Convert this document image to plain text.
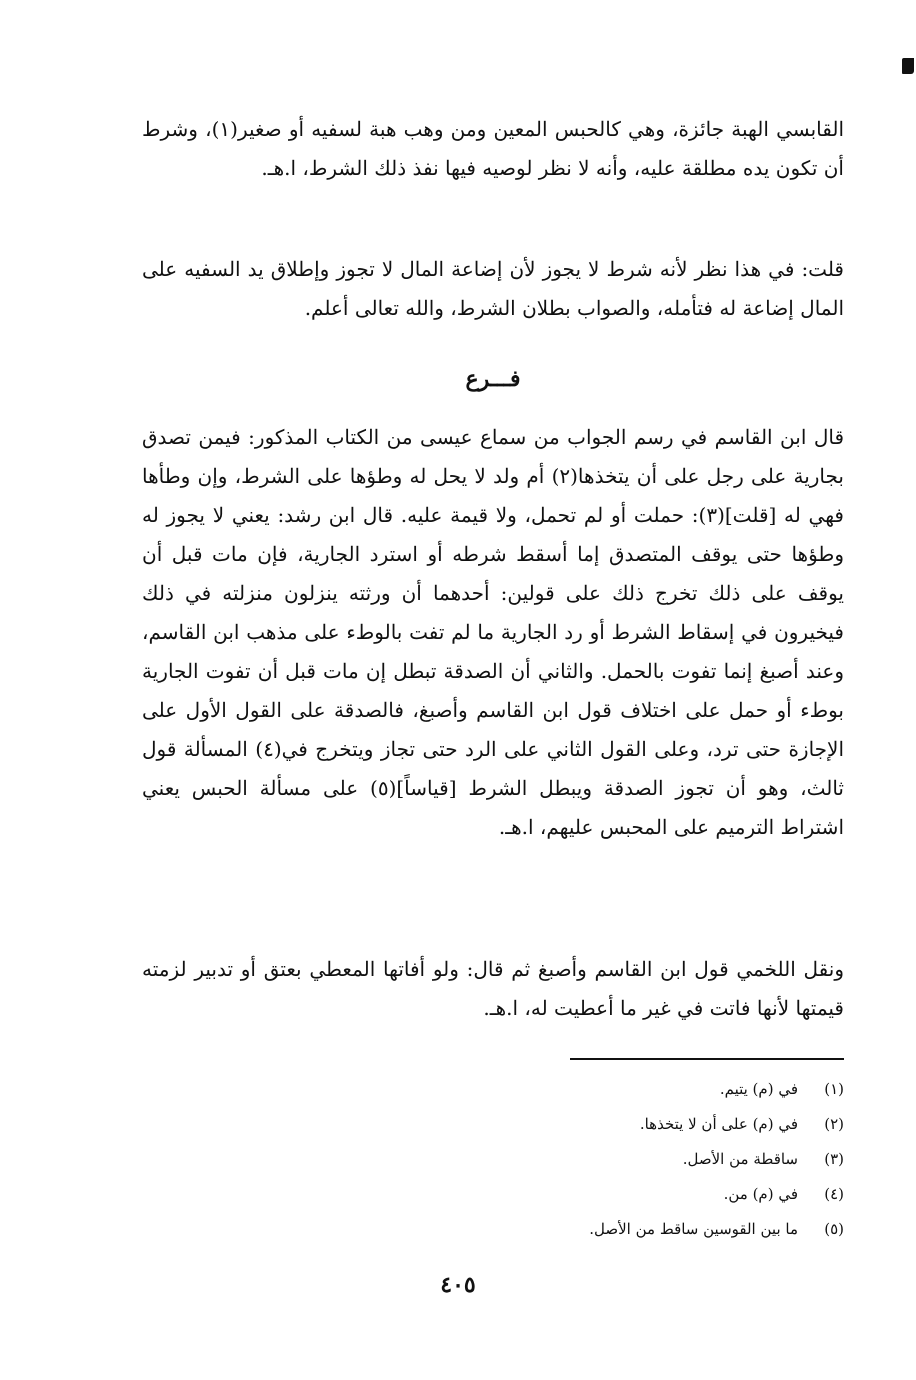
القابسي الهبة جائزة، وهي كالحبس المعين ومن وهب هبة لسفيه أو صغير(١)، وشرط أن تكون يده مطلقة عليه، وأنه لا نظر لوصيه فيها نفذ ذلك الشرط، ا.هـ.

قلت: في هذا نظر لأنه شرط لا يجوز لأن إضاعة المال لا تجوز وإطلاق يد السفيه على المال إضاعة له فتأمله، والصواب بطلان الشرط، والله تعالى أعلم.

فـــرع

قال ابن القاسم في رسم الجواب من سماع عيسى من الكتاب المذكور: فيمن تصدق بجارية على رجل على أن يتخذها(٢) أم ولد لا يحل له وطؤها على الشرط، وإن وطأها فهي له [قلت](٣): حملت أو لم تحمل، ولا قيمة عليه. قال ابن رشد: يعني لا يجوز له وطؤها حتى يوقف المتصدق إما أسقط شرطه أو استرد الجارية، فإن مات قبل أن يوقف على ذلك تخرج ذلك على قولين: أحدهما أن ورثته ينزلون منزلته في ذلك فيخيرون في إسقاط الشرط أو رد الجارية ما لم تفت بالوطء على مذهب ابن القاسم، وعند أصبغ إنما تفوت بالحمل. والثاني أن الصدقة تبطل إن مات قبل أن تفوت الجارية بوطء أو حمل على اختلاف قول ابن القاسم وأصبغ، فالصدقة على القول الأول على الإجازة حتى ترد، وعلى القول الثاني على الرد حتى تجاز ويتخرج في(٤) المسألة قول ثالث، وهو أن تجوز الصدقة ويبطل الشرط [قياساً](٥) على مسألة الحبس يعني اشتراط الترميم على المحبس عليهم، ا.هـ.

ونقل اللخمي قول ابن القاسم وأصبغ ثم قال: ولو أفاتها المعطي بعتق أو تدبير لزمته قيمتها لأنها فاتت في غير ما أعطيت له، ا.هـ.

(١)
في (م) يتيم.
(٢)
في (م) على أن لا يتخذها.
(٣)
ساقطة من الأصل.
(٤)
في (م) من.
(٥)
ما بين القوسين ساقط من الأصل.
٤٠٥
